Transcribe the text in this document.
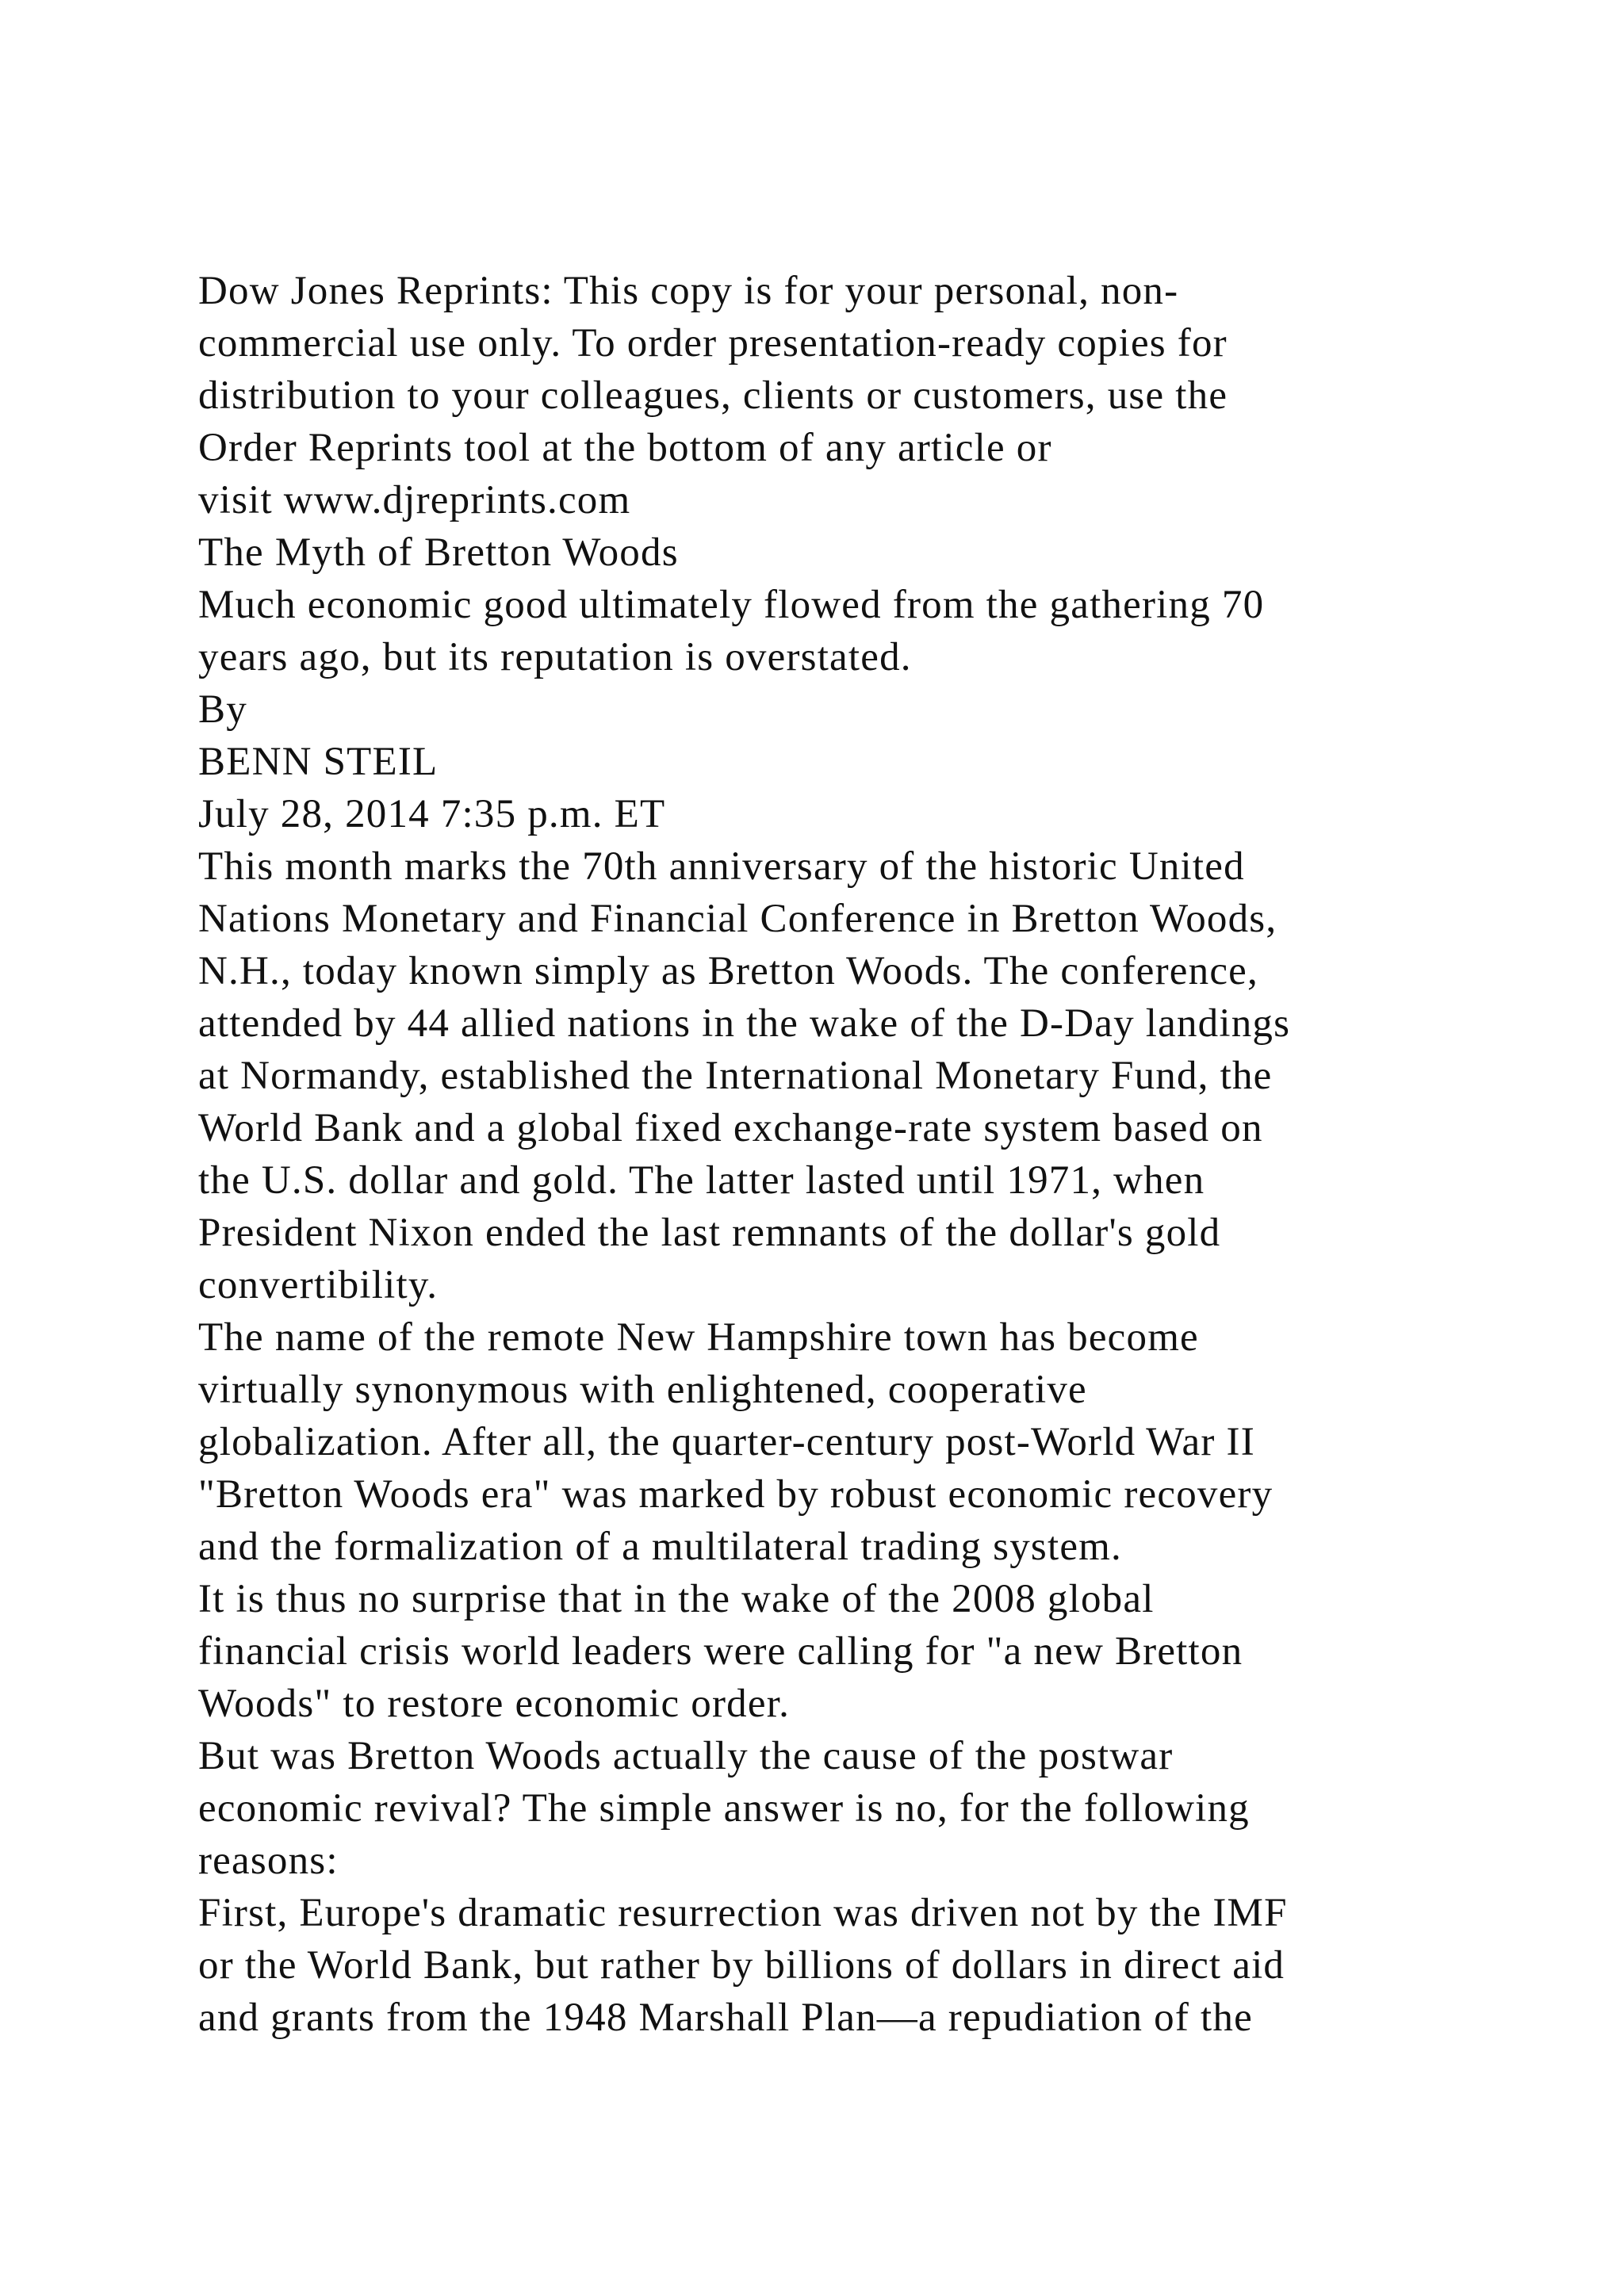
Dow Jones Reprints: This copy is for your personal, non-
commercial use only. To order presentation-ready copies for
distribution to your colleagues, clients or customers, use the
Order Reprints tool at the bottom of any article or
visit www.djreprints.com
The Myth of Bretton Woods
Much economic good ultimately flowed from the gathering 70
years ago, but its reputation is overstated.
By
BENN STEIL
July 28, 2014 7:35 p.m. ET
This month marks the 70th anniversary of the historic United
Nations Monetary and Financial Conference in Bretton Woods,
N.H., today known simply as Bretton Woods. The conference,
attended by 44 allied nations in the wake of the D-Day landings
at Normandy, established the International Monetary Fund, the
World Bank and a global fixed exchange-rate system based on
the U.S. dollar and gold. The latter lasted until 1971, when
President Nixon ended the last remnants of the dollar's gold
convertibility.
The name of the remote New Hampshire town has become
virtually synonymous with enlightened, cooperative
globalization. After all, the quarter-century post-World War II
"Bretton Woods era" was marked by robust economic recovery
and the formalization of a multilateral trading system.
It is thus no surprise that in the wake of the 2008 global
financial crisis world leaders were calling for "a new Bretton
Woods" to restore economic order.
But was Bretton Woods actually the cause of the postwar
economic revival? The simple answer is no, for the following
reasons:
First, Europe's dramatic resurrection was driven not by the IMF
or the World Bank, but rather by billions of dollars in direct aid
and grants from the 1948 Marshall Plan—a repudiation of the
